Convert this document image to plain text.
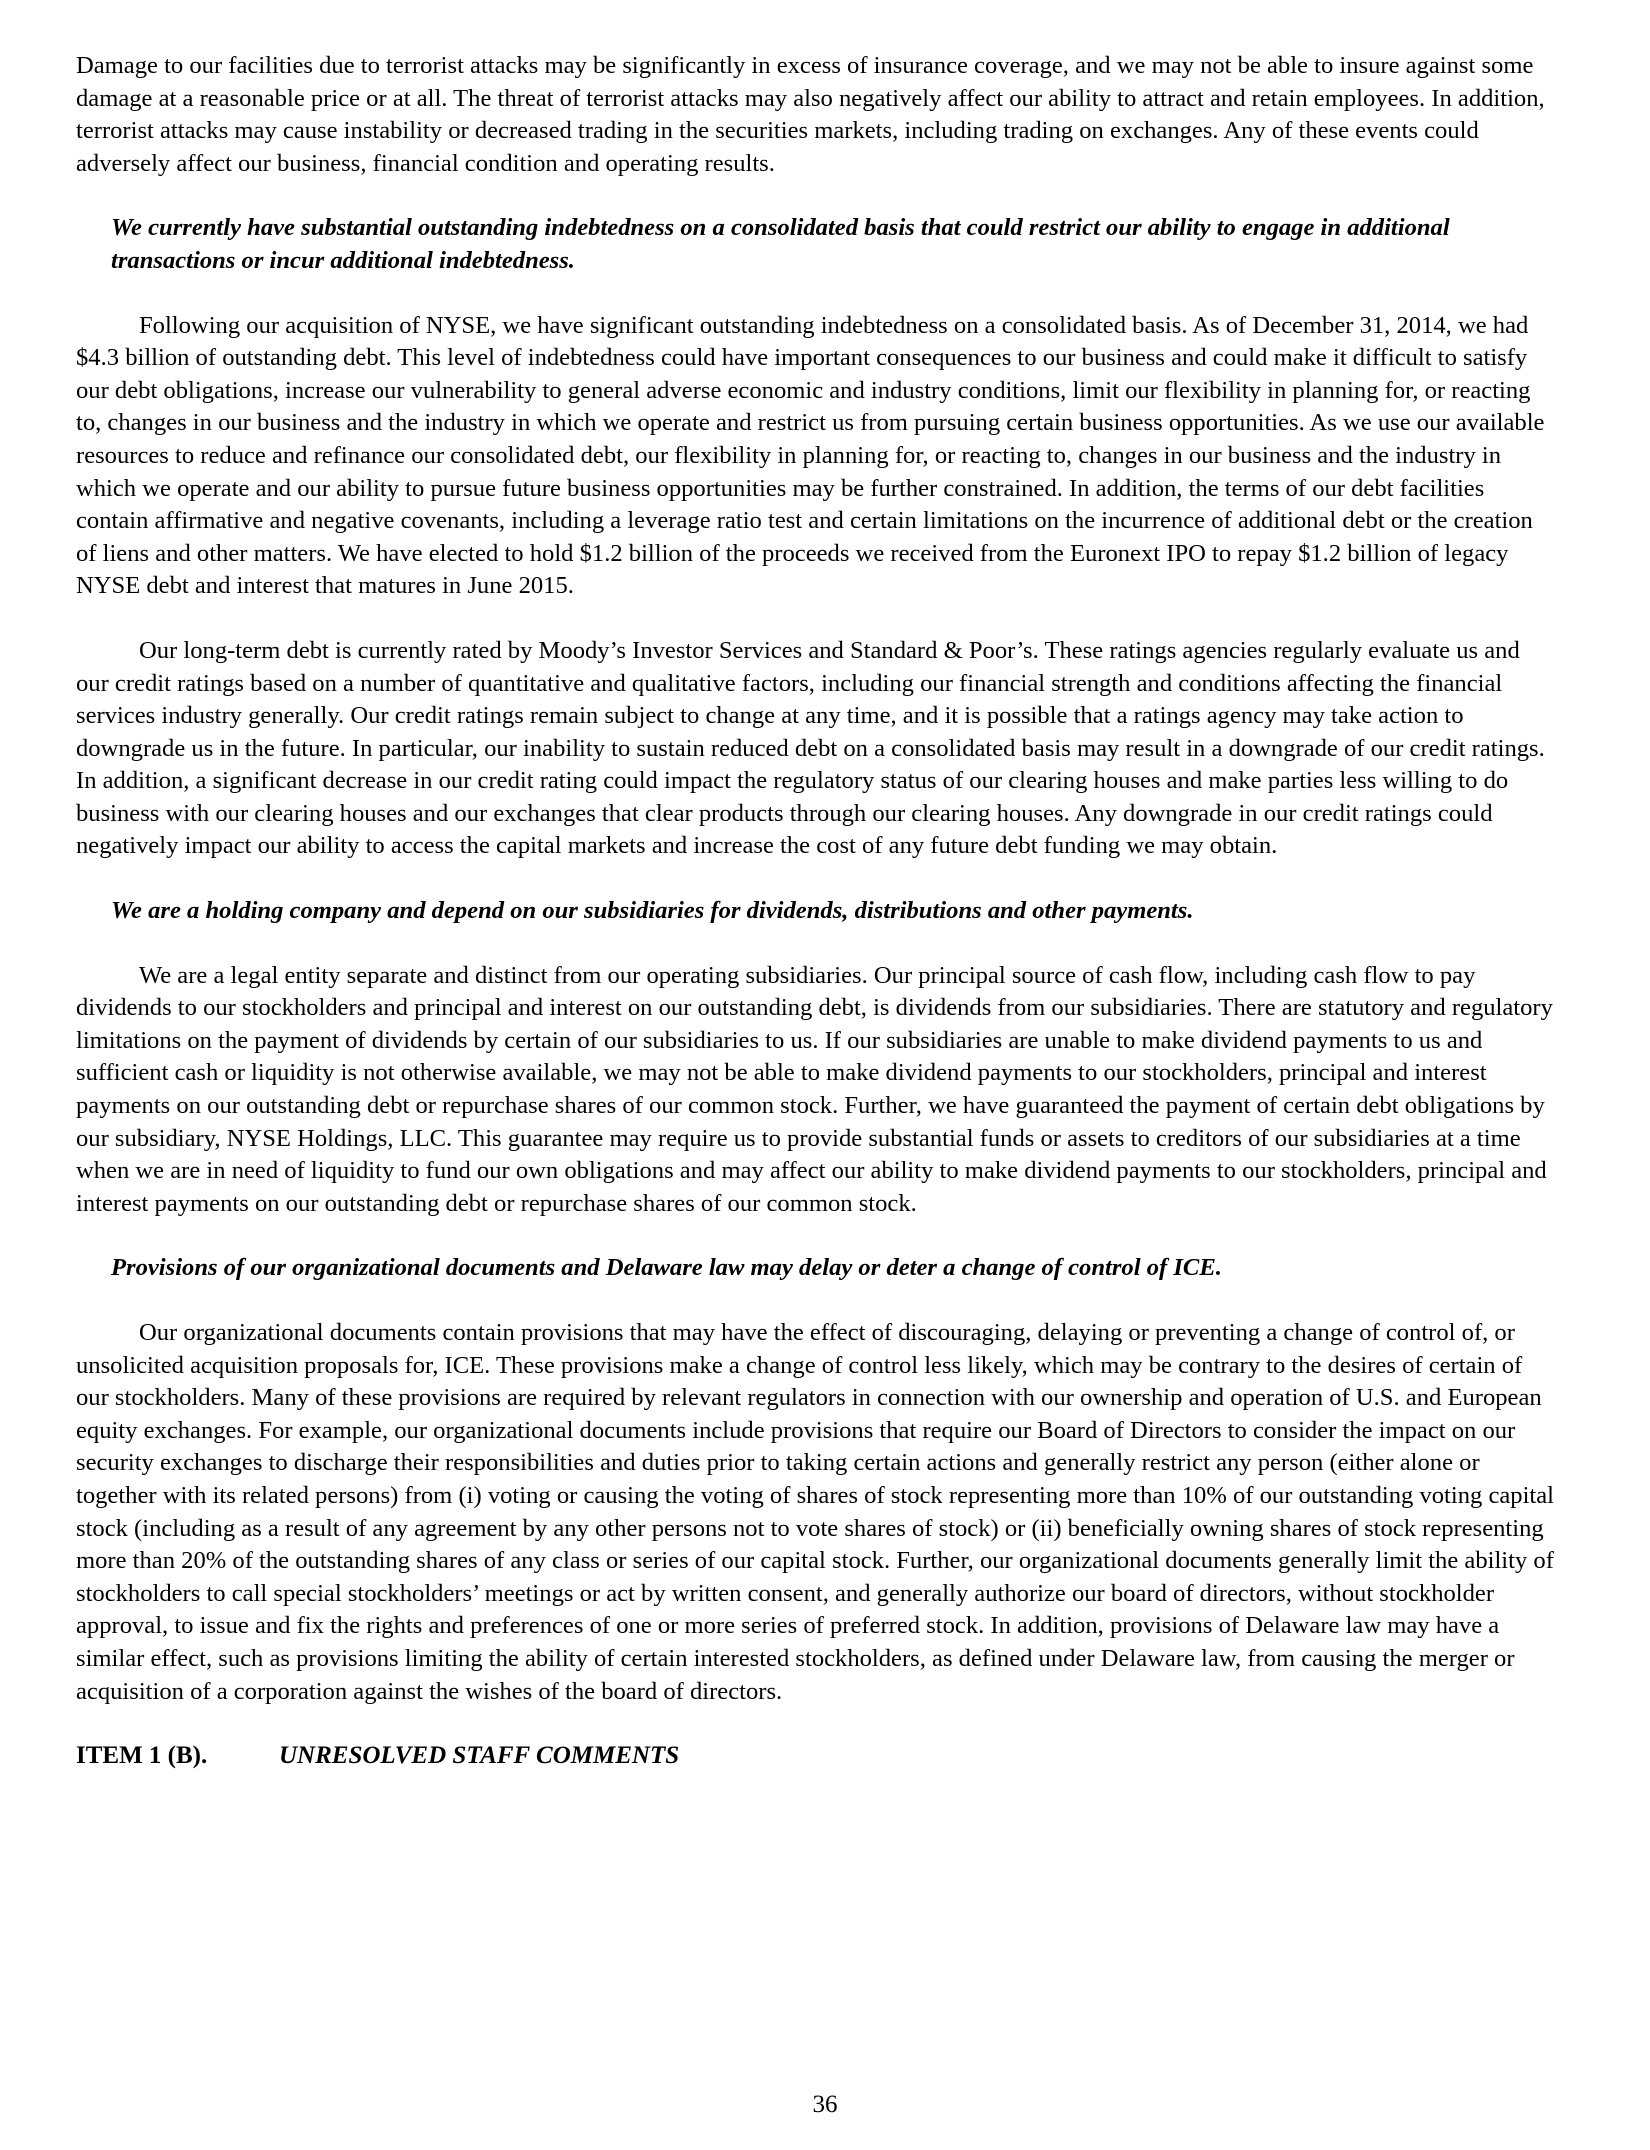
Damage to our facilities due to terrorist attacks may be significantly in excess of insurance coverage, and we may not be able to insure against some damage at a reasonable price or at all. The threat of terrorist attacks may also negatively affect our ability to attract and retain employees. In addition, terrorist attacks may cause instability or decreased trading in the securities markets, including trading on exchanges. Any of these events could adversely affect our business, financial condition and operating results.

We currently have substantial outstanding indebtedness on a consolidated basis that could restrict our ability to engage in additional transactions or incur additional indebtedness.

Following our acquisition of NYSE, we have significant outstanding indebtedness on a consolidated basis. As of December 31, 2014, we had $4.3 billion of outstanding debt. This level of indebtedness could have important consequences to our business and could make it difficult to satisfy our debt obligations, increase our vulnerability to general adverse economic and industry conditions, limit our flexibility in planning for, or reacting to, changes in our business and the industry in which we operate and restrict us from pursuing certain business opportunities. As we use our available resources to reduce and refinance our consolidated debt, our flexibility in planning for, or reacting to, changes in our business and the industry in which we operate and our ability to pursue future business opportunities may be further constrained. In addition, the terms of our debt facilities contain affirmative and negative covenants, including a leverage ratio test and certain limitations on the incurrence of additional debt or the creation of liens and other matters. We have elected to hold $1.2 billion of the proceeds we received from the Euronext IPO to repay $1.2 billion of legacy NYSE debt and interest that matures in June 2015.

Our long-term debt is currently rated by Moody’s Investor Services and Standard & Poor’s. These ratings agencies regularly evaluate us and our credit ratings based on a number of quantitative and qualitative factors, including our financial strength and conditions affecting the financial services industry generally. Our credit ratings remain subject to change at any time, and it is possible that a ratings agency may take action to downgrade us in the future. In particular, our inability to sustain reduced debt on a consolidated basis may result in a downgrade of our credit ratings. In addition, a significant decrease in our credit rating could impact the regulatory status of our clearing houses and make parties less willing to do business with our clearing houses and our exchanges that clear products through our clearing houses. Any downgrade in our credit ratings could negatively impact our ability to access the capital markets and increase the cost of any future debt funding we may obtain.

We are a holding company and depend on our subsidiaries for dividends, distributions and other payments.

We are a legal entity separate and distinct from our operating subsidiaries. Our principal source of cash flow, including cash flow to pay dividends to our stockholders and principal and interest on our outstanding debt, is dividends from our subsidiaries. There are statutory and regulatory limitations on the payment of dividends by certain of our subsidiaries to us. If our subsidiaries are unable to make dividend payments to us and sufficient cash or liquidity is not otherwise available, we may not be able to make dividend payments to our stockholders, principal and interest payments on our outstanding debt or repurchase shares of our common stock. Further, we have guaranteed the payment of certain debt obligations by our subsidiary, NYSE Holdings, LLC. This guarantee may require us to provide substantial funds or assets to creditors of our subsidiaries at a time when we are in need of liquidity to fund our own obligations and may affect our ability to make dividend payments to our stockholders, principal and interest payments on our outstanding debt or repurchase shares of our common stock.

Provisions of our organizational documents and Delaware law may delay or deter a change of control of ICE.

Our organizational documents contain provisions that may have the effect of discouraging, delaying or preventing a change of control of, or unsolicited acquisition proposals for, ICE. These provisions make a change of control less likely, which may be contrary to the desires of certain of our stockholders. Many of these provisions are required by relevant regulators in connection with our ownership and operation of U.S. and European equity exchanges. For example, our organizational documents include provisions that require our Board of Directors to consider the impact on our security exchanges to discharge their responsibilities and duties prior to taking certain actions and generally restrict any person (either alone or together with its related persons) from (i) voting or causing the voting of shares of stock representing more than 10% of our outstanding voting capital stock (including as a result of any agreement by any other persons not to vote shares of stock) or (ii) beneficially owning shares of stock representing more than 20% of the outstanding shares of any class or series of our capital stock. Further, our organizational documents generally limit the ability of stockholders to call special stockholders’ meetings or act by written consent, and generally authorize our board of directors, without stockholder approval, to issue and fix the rights and preferences of one or more series of preferred stock. In addition, provisions of Delaware law may have a similar effect, such as provisions limiting the ability of certain interested stockholders, as defined under Delaware law, from causing the merger or acquisition of a corporation against the wishes of the board of directors.

ITEM 1 (B).	UNRESOLVED STAFF COMMENTS
36
